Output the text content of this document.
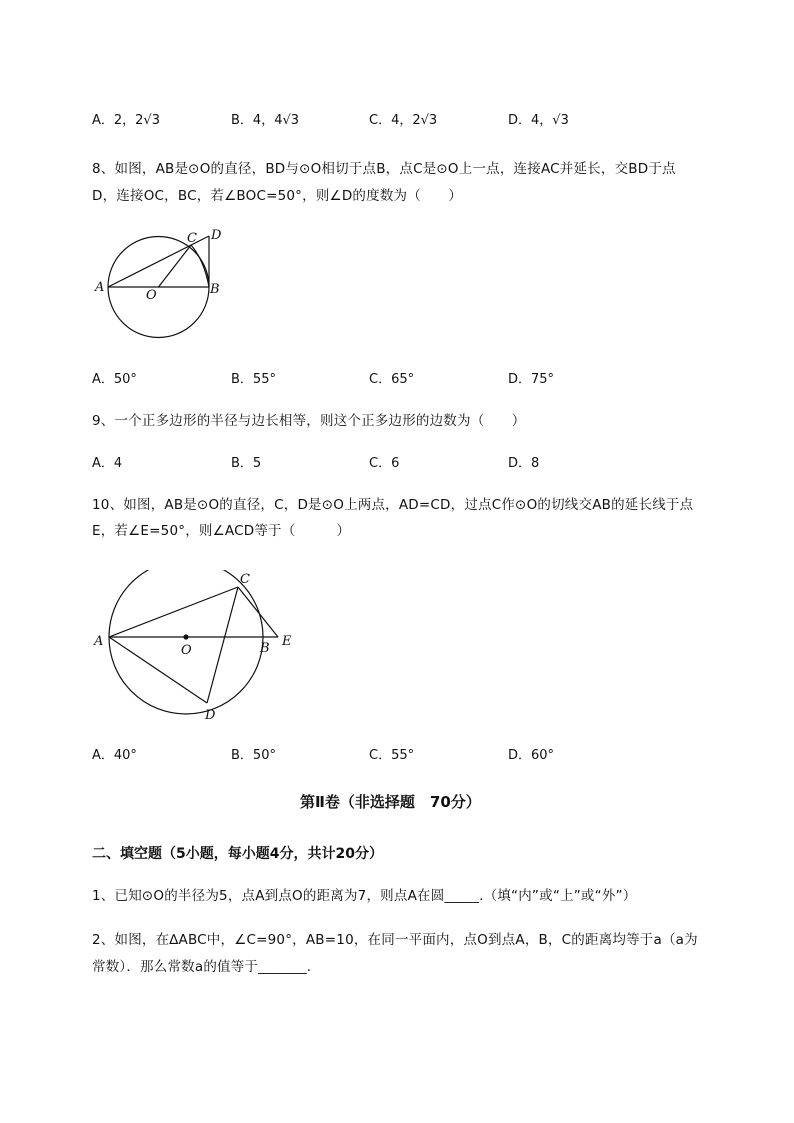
A．2，2√3	B．4，4√3	C．4，2√3	D．4，√3
8、如图，AB是⊙O的直径，BD与⊙O相切于点B，点C是⊙O上一点，连接AC并延长，交BD于点
D，连接OC，BC，若∠BOC=50°，则∠D的度数为（　　）
A
O	B
C D
A．50°	B．55°	C．65°	D．75°
9、一个正多边形的半径与边长相等，则这个正多边形的边数为（　　）
A．4	B．5	C．6	D．8
10、如图，AB是⊙O的直径，C，D是⊙O上两点，AD=CD，过点C作⊙O的切线交AB的延长线于点
E，若∠E=50°，则∠ACD等于（　　　）
A
O	B E
C
D
A．40°	B．50°	C．55°	D．60°
第Ⅱ卷（非选择题　70分）
二、填空题（5小题，每小题4分，共计20分）
1、已知⊙O的半径为5，点A到点O的距离为7，则点A在圆_____.（填“内”或“上”或“外”）
2、如图，在∆ABC中，∠C=90°，AB=10，在同一平面内，点O到点A，B，C的距离均等于a（a为
常数）．那么常数a的值等于_______.
